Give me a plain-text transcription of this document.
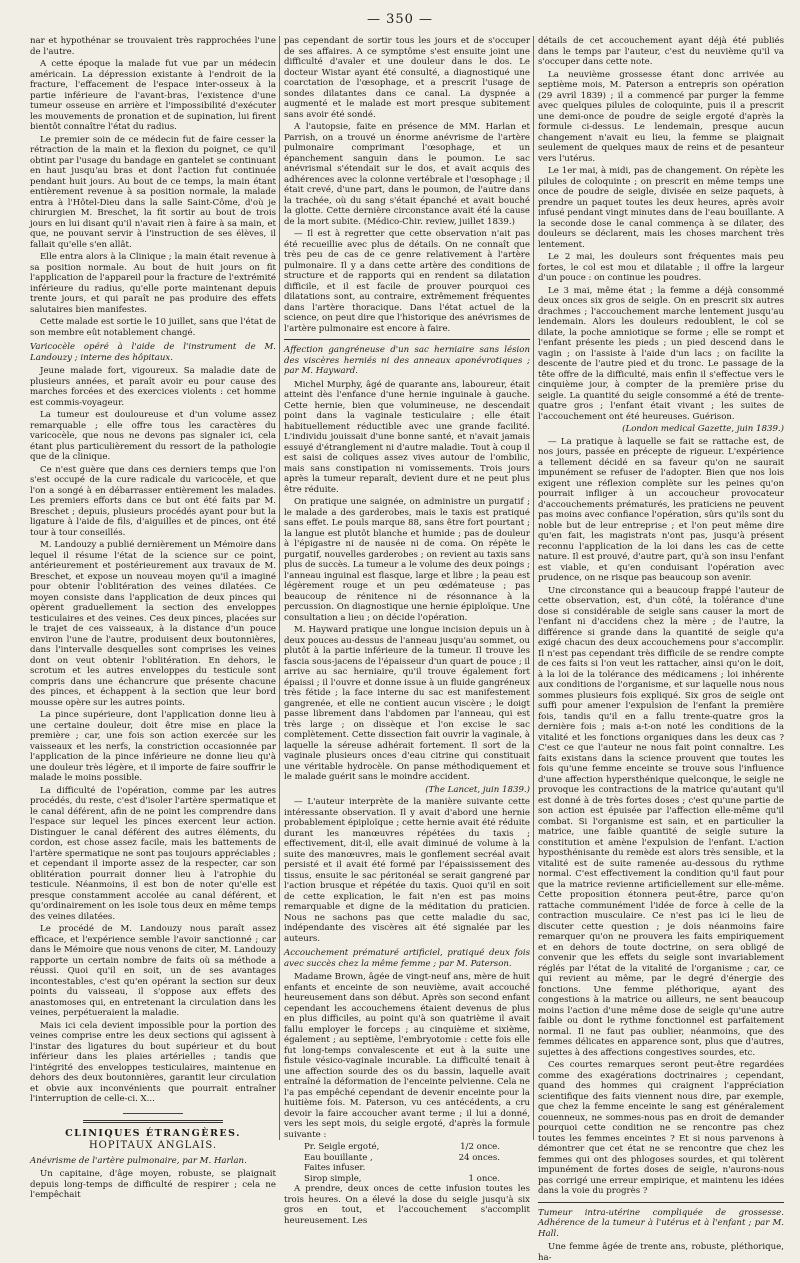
— 350 —

nar et hypothénar se trouvaient très rapprochées l'une de l'autre.

A cette époque la malade fut vue par un médecin américain. La dépression existante à l'endroit de la fracture, l'effacement de l'espace inter-osseux à la partie inférieure de l'avant-bras, l'existence d'une tumeur osseuse en arrière et l'impossibilité d'exécuter les mouvements de pronation et de supination, lui firent bientôt connaître l'état du radius.

Le premier soin de ce médecin fut de faire cesser la rétraction de la main et la flexion du poignet, ce qu'il obtint par l'usage du bandage en gantelet se continuant en haut jusqu'au bras et dont l'action fut continuée pendant huit jours. Au bout de ce temps, la main étant entièrement revenue à sa position normale, la malade entra à l'Hôtel-Dieu dans la salle Saint-Côme, d'où je chirurgien M. Breschet, la fit sortir au bout de trois jours en lui disant qu'il n'avait rien à faire à sa main, et que, ne pouvant servir à l'instruction de ses élèves, il fallait qu'elle s'en allât.

Elle entra alors à la Clinique ; la main était revenue à sa position normale. Au bout de huit jours on fit l'application de l'appareil pour la fracture de l'extrémité inférieure du radius, qu'elle porte maintenant depuis trente jours, et qui paraît ne pas produire des effets salutaires bien manifestes.

Cette malade est sortie le 10 juillet, sans que l'état de son membre eût notablement changé.

Varicocèle opéré à l'aide de l'instrument de M. Landouzy ; interne des hôpitaux.

Jeune malade fort, vigoureux. Sa maladie date de plusieurs années, et paraît avoir eu pour cause des marches forcées et des exercices violents : cet homme est commis-voyageur.

La tumeur est douloureuse et d'un volume assez remarquable ; elle offre tous les caractères du varicocèle, que nous ne devons pas signaler ici, cela étant plus particulièrement du ressort de la pathologie que de la clinique.

Ce n'est guère que dans ces derniers temps que l'on s'est occupé de la cure radicale du varicocèle, et que l'on a songé à en débarrasser entièrement les malades. Les premiers efforts dans ce but ont été faits par M. Breschet ; depuis, plusieurs procédés ayant pour but la ligature à l'aide de fils, d'aiguilles et de pinces, ont été tour à tour conseillés.

M. Landouzy a publié dernièrement un Mémoire dans lequel il résume l'état de la science sur ce point, antérieurement et postérieurement aux travaux de M. Breschet, et expose un nouveau moyen qu'il a imaginé pour obtenir l'oblitération des veines dilatées. Ce moyen consiste dans l'application de deux pinces qui opèrent graduellement la section des enveloppes testiculaires et des veines. Ces deux pinces, placées sur le trajet de ces vaisseaux, à la distance d'un pouce environ l'une de l'autre, produisent deux boutonnières, dans l'intervalle desquelles sont comprises les veines dont on veut obtenir l'oblitération. En dehors, le scrotum et les autres enveloppes du testicule sont compris dans une échancrure que présente chacune des pinces, et échappent à la section que leur bord mousse opère sur les autres points.

La pince supérieure, dont l'application donne lieu à une certaine douleur, doit être mise en place la première ; car, une fois son action exercée sur les vaisseaux et les nerfs, la constriction occasionnée par l'application de la pince inférieure ne donne lieu qu'à une douleur très légère, et il importe de faire souffrir le malade le moins possible.

La difficulté de l'opération, comme par les autres procédés, du reste, c'est d'isoler l'artère spermatique et le canal déférent, afin de ne point les comprendre dans l'espace sur lequel les pinces exercent leur action. Distinguer le canal déférent des autres éléments, du cordon, est chose assez facile, mais les battements de l'artère spermatique ne sont pas toujours appréciables ; et cependant il importe assez de la respecter, car son oblitération pourrait donner lieu à l'atrophie du testicule. Néanmoins, il est bon de noter qu'elle est presque constamment accolée au canal déférent, et qu'ordinairement on les isole tous deux en même temps des veines dilatées.

Le procédé de M. Landouzy nous paraît assez efficace, et l'expérience semble l'avoir sanctionné ; car dans le Mémoire que nous venons de citer, M. Landouzy rapporte un certain nombre de faits où sa méthode a réussi. Quoi qu'il en soit, un de ses avantages incontestables, c'est qu'en opérant la section sur deux points du vaisseau, il s'oppose aux effets des anastomoses qui, en entretenant la circulation dans les veines, perpétueraient la maladie.

Mais ici cela devient impossible pour la portion des veines comprise entre les deux sections qui agissent à l'instar des ligatures du bout supérieur et du bout inférieur dans les plaies artérielles ; tandis que l'intégrité des enveloppes testiculaires, maintenue en dehors des deux boutonnières, garantit leur circulation et obvie aux inconvénients que pourrait entraîner l'interruption de celle-ci. X...

CLINIQUES ÉTRANGÈRES.

HOPITAUX ANGLAIS.

Anévrisme de l'artère pulmonaire, par M. Harlan.

Un capitaine, d'âge moyen, robuste, se plaignait depuis long-temps de difficulté de respirer ; cela ne l'empêchait

pas cependant de sortir tous les jours et de s'occuper de ses affaires. A ce symptôme s'est ensuite joint une difficulté d'avaler et une douleur dans le dos. Le docteur Wistar ayant été consulté, a diagnostiqué une coarctation de l'œsophage, et a prescrit l'usage de sondes dilatantes dans ce canal. La dyspnée a augmenté et le malade est mort presque subitement sans avoir été sondé.

A l'autopsie, faite en présence de MM. Harlan et Parrish, on a trouvé un énorme anévrisme de l'artère pulmonaire comprimant l'œsophage, et un épanchement sanguin dans le poumon. Le sac anévrismal s'étendait sur le dos, et avait acquis des adhérences avec la colonne vertébrale et l'œsophage ; il était crevé, d'une part, dans le poumon, de l'autre dans la trachée, où du sang s'était épanché et avait bouché la glotte. Cette dernière circonstance avait été la cause de la mort subite. (Médico-Chir. review, juillet 1839.)

— Il est à regretter que cette observation n'ait pas été recueillie avec plus de détails. On ne connaît que très peu de cas de ce genre relativement à l'artère pulmonaire. Il y a dans cette artère des conditions de structure et de rapports qui en rendent sa dilatation difficile, et il est facile de prouver pourquoi ces dilatations sont, au contraire, extrêmement fréquentes dans l'artère thoracique. Dans l'état actuel de la science, on peut dire que l'historique des anévrismes de l'artère pulmonaire est encore à faire.

Affection gangréneuse d'un sac herniaire sans lésion des viscères herniés ni des anneaux aponévrotiques ; par M. Hayward.

Michel Murphy, âgé de quarante ans, laboureur, était atteint dès l'enfance d'une hernie inguinale à gauche. Cette hernie, bien que volumineuse, ne descendait point dans la vaginale testiculaire ; elle était habituellement réductible avec une grande facilité. L'individu jouissait d'une bonne santé, et n'avait jamais essuyé d'étranglement ni d'autre maladie. Tout à coup il est saisi de coliques assez vives autour de l'ombilic, mais sans constipation ni vomissements. Trois jours après la tumeur reparaît, devient dure et ne peut plus être réduite.

On pratique une saignée, on administre un purgatif ; le malade a des garderobes, mais le taxis est pratiqué sans effet. Le pouls marque 88, sans être fort pourtant ; la langue est plutôt blanche et humide ; pas de douleur à l'épigastre ni de nausée ni de coma. On répète le purgatif, nouvelles garderobes ; on revient au taxis sans plus de succès. La tumeur a le volume des deux poings ; l'anneau inguinal est flasque, large et libre ; la peau est légèrement rouge et un peu œdémateuse ; pas beaucoup de rénitence ni de résonnance à la percussion. On diagnostique une hernie épiploïque. Une consultation a lieu ; on décide l'opération.

M. Hayward pratique une longue incision depuis un à deux pouces au-dessus de l'anneau jusqu'au sommet, ou plutôt à la partie inférieure de la tumeur. Il trouve les fascia sous-jacens de l'épaisseur d'un quart de pouce ; il arrive au sac herniaire, qu'il trouve également fort épaissi ; il l'ouvre et donne issue à un fluide gangréneux très fétide ; la face interne du sac est manifestement gangrenée, et elle ne contient aucun viscère ; le doigt passe librement dans l'abdomen par l'anneau, qui est très large ; on dissèque et l'on excise le sac complètement. Cette dissection fait ouvrir la vaginale, à laquelle la séreuse adhérait fortement. Il sort de la vaginale plusieurs onces d'eau citrine qui constituait une véritable hydrocèle. On panse méthodiquement et le malade guérit sans le moindre accident.

(The Lancet, juin 1839.)

— L'auteur interprète de la manière suivante cette intéressante observation. Il y avait d'abord une hernie probablement épiploïque ; cette hernie avait été réduite durant les manœuvres répétées du taxis ; effectivement, dit-il, elle avait diminué de volume à la suite des manœuvres, mais le gonflement secréal avait persisté et il avait été formé par l'épaississement des tissus, ensuite le sac péritonéal se serait gangrené par l'action brusque et répétée du taxis. Quoi qu'il en soit de cette explication, le fait n'en est pas moins remarquable et digne de la méditation du praticien. Nous ne sachons pas que cette maladie du sac, indépendante des viscères ait été signalée par les auteurs.

Accouchement prématuré artificiel, pratiqué deux fois avec succès chez la même femme ; par M. Paterson.

Madame Brown, âgée de vingt-neuf ans, mère de huit enfants et enceinte de son neuvième, avait accouché heureusement dans son début. Après son second enfant cependant les accouchemens étaient devenus de plus en plus difficiles, au point qu'à son quatrième il avait fallu employer le forceps ; au cinquième et sixième, également ; au septième, l'embryotomie : cette fois elle fut long-temps convalescente et eut à la suite une fistule vésico-vaginale incurable. La difficulté tenait à une affection sourde des os du bassin, laquelle avait entraîné la déformation de l'enceinte pelvienne. Cela ne l'a pas empêché cependant de devenir enceinte pour la huitième fois. M. Paterson, vu ces antécédents, a cru devoir la faire accoucher avant terme ; il lui a donné, vers les sept mois, du seigle ergoté, d'après la formule suivante :

Pr. Seigle ergoté,	1/2 once.
Eau bouillante ,	24 onces.
Faites infuser.
Sirop simple,	1 once.

A prendre, deux onces de cette infusion toutes les trois heures. On a élevé la dose du seigle jusqu'à six gros en tout, et l'accouchement s'accomplit heureusement. Les

détails de cet accouchement ayant déjà été publiés dans le temps par l'auteur, c'est du neuvième qu'il va s'occuper dans cette note.

La neuvième grossesse étant donc arrivée au septième mois, M. Paterson a entrepris son opération (29 avril 1839) ; il a commencé par purger la femme avec quelques pilules de coloquinte, puis il a prescrit une demi-once de poudre de seigle ergoté d'après la formule ci-dessus. Le lendemain, presque aucun changement n'avait eu lieu, la femme se plaignait seulement de quelques maux de reins et de pesanteur vers l'utérus.

Le 1er mai, à midi, pas de changement. On répète les pilules de coloquinte ; on prescrit en même temps une once de poudre de seigle, divisée en seize paquets, à prendre un paquet toutes les deux heures, après avoir infusé pendant vingt minutes dans de l'eau bouillante. A la seconde dose le canal commença à se dilater, des douleurs se déclarent, mais les choses marchent très lentement.

Le 2 mai, les douleurs sont fréquentes mais peu fortes, le col est mou et dilatable ; il offre la largeur d'un pouce : on continue les poudres.

Le 3 mai, même état ; la femme a déjà consommé deux onces six gros de seigle. On en prescrit six autres drachmes ; l'accouchement marche lentement jusqu'au lendemain. Alors les douleurs redoublent, le col se dilate, la poche amniotique se forme ; elle se rompt et l'enfant présente les pieds ; un pied descend dans le vagin ; on l'assiste à l'aide d'un lacs ; on facilite la descente de l'autre pied et du tronc. Le passage de la tête offre de la difficulté, mais enfin il s'effectue vers le cinquième jour, à compter de la première prise du seigle. La quantité du seigle consommé a été de trente-quatre gros ; l'enfant était vivant ; les suites de l'accouchement ont été heureuses. Guérison.

(London medical Gazette, juin 1839.)

— La pratique à laquelle se fait se rattache est, de nos jours, passée en précepte de rigueur. L'expérience a tellement décidé en sa faveur qu'on ne saurait impunément se refuser de l'adopter. Bien que nos lois exigent une réflexion complète sur les peines qu'on pourrait infliger à un accoucheur provocateur d'accouchements prématurés, les praticiens ne peuvent pas moins avec confiance l'opération, sûrs qu'ils sont du noble but de leur entreprise ; et l'on peut même dire qu'en fait, les magistrats n'ont pas, jusqu'à présent reconnu l'application de la loi dans les cas de cette nature. Il est prouvé, d'autre part, qu'à son insu l'enfant est viable, et qu'en conduisant l'opération avec prudence, on ne risque pas beaucoup son avenir.

Une circonstance qui a beaucoup frappé l'auteur de cette observation, est, d'un côté, la tolérance d'une dose si considérable de seigle sans causer la mort de l'enfant ni d'accidens chez la mère ; de l'autre, la différence si grande dans la quantité de seigle qu'a exigé chacun des deux accouchemens pour s'accomplir. Il n'est pas cependant très difficile de se rendre compte de ces faits si l'on veut les rattacher, ainsi qu'on le doit, à la loi de la tolérance des médicamens ; loi inhérente aux conditions de l'organisme, et sur laquelle nous nous sommes plusieurs fois expliqué. Six gros de seigle ont suffi pour amener l'expulsion de l'enfant la première fois, tandis qu'il en a fallu trente-quatre gros la dernière fois ; mais a-t-on noté les conditions de la vitalité et les fonctions organiques dans les deux cas ? C'est ce que l'auteur ne nous fait point connaître. Les faits existans dans la science prouvent que toutes les fois qu'une femme enceinte se trouve sous l'influence d'une affection hypersthénique quelconque, le seigle ne provoque les contractions de la matrice qu'autant qu'il est donné à de très fortes doses ; c'est qu'une partie de son action est épuisée par l'affection elle-même qu'il combat. Si l'organisme est sain, et en particulier la matrice, une faible quantité de seigle suture la constitution et amène l'expulsion de l'enfant. L'action hyposthénisante du remède est alors très sensible, et la vitalité est de suite ramenée au-dessous du rythme normal. C'est effectivement la condition qu'il faut pour que la matrice revienne artificiellement sur elle-même. Cette proposition étonnera peut-être, parce qu'on rattache communément l'idée de force à celle de la contraction musculaire. Ce n'est pas ici le lieu de discuter cette question ; je dois néanmoins faire remarquer qu'on ne prouvera les faits empiriquement et en dehors de toute doctrine, on sera obligé de convenir que les effets du seigle sont invariablement réglés par l'état de la vitalité de l'organisme ; car, ce qui revient au même, par le degré d'énergie des fonctions. Une femme pléthorique, ayant des congestions à la matrice ou ailleurs, ne sent beaucoup moins l'action d'une même dose de seigle qu'une autre faible ou dont le rythme fonctionnel est parfaitement normal. Il ne faut pas oublier, néanmoins, que des femmes délicates en apparence sont, plus que d'autres, sujettes à des affections congestives sourdes, etc.

Ces courtes remarques seront peut-être regardées comme des exagérations doctrinaires ; cependant, quand des hommes qui craignent l'appréciation scientifique des faits viennent nous dire, par exemple, que chez la femme enceinte le sang est généralement couenneux, ne sommes-nous pas en droit de demander pourquoi cette condition ne se rencontre pas chez toutes les femmes enceintes ? Et si nous parvenons à démontrer que cet état ne se rencontre que chez les femmes qui ont des phlogoses sourdes, et qui tolèrent impunément de fortes doses de seigle, n'aurons-nous pas corrigé une erreur empirique, et maintenu les idées dans la voie du progrès ?

Tumeur intra-utérine compliquée de grossesse. Adhérence de la tumeur à l'utérus et à l'enfant ; par M. Hall.

Une femme âgée de trente ans, robuste, pléthorique, ha-
